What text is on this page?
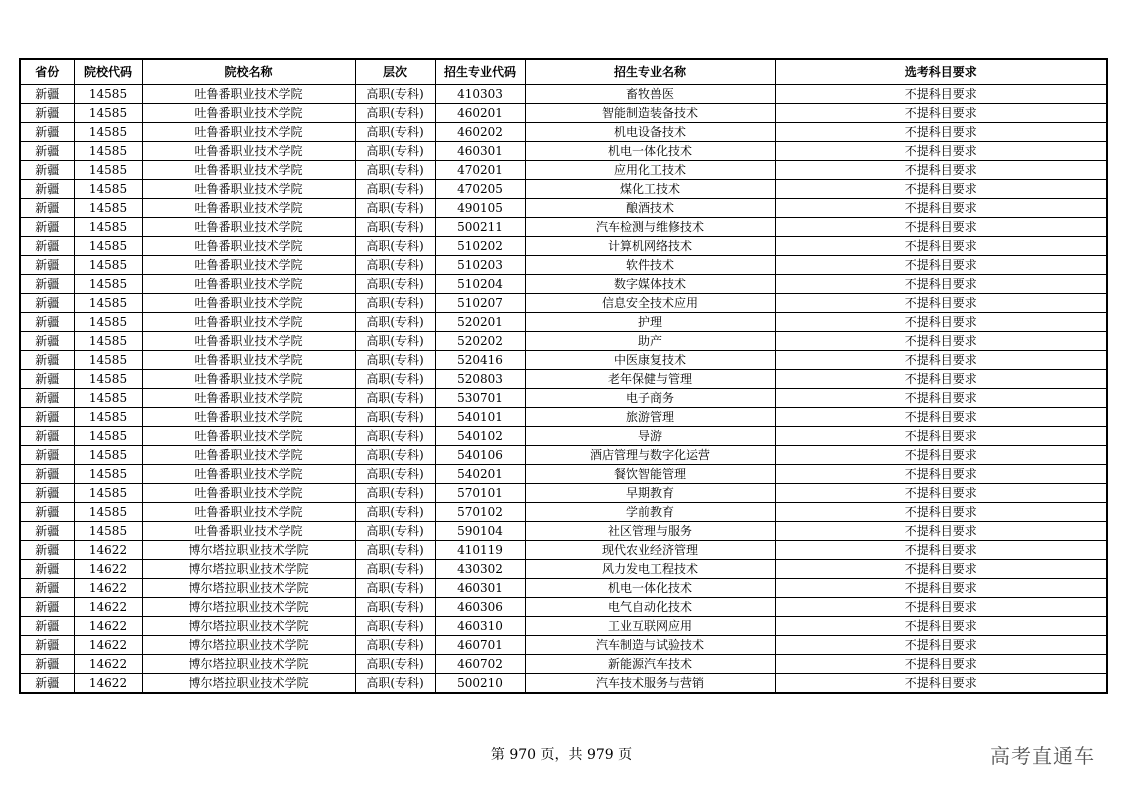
省份	院校代码	院校名称	层次	招生专业代码	招生专业名称	选考科目要求
新疆	14585	吐鲁番职业技术学院	高职(专科)	410303	畜牧兽医	不提科目要求
新疆	14585	吐鲁番职业技术学院	高职(专科)	460201	智能制造装备技术	不提科目要求
新疆	14585	吐鲁番职业技术学院	高职(专科)	460202	机电设备技术	不提科目要求
新疆	14585	吐鲁番职业技术学院	高职(专科)	460301	机电一体化技术	不提科目要求
新疆	14585	吐鲁番职业技术学院	高职(专科)	470201	应用化工技术	不提科目要求
新疆	14585	吐鲁番职业技术学院	高职(专科)	470205	煤化工技术	不提科目要求
新疆	14585	吐鲁番职业技术学院	高职(专科)	490105	酿酒技术	不提科目要求
新疆	14585	吐鲁番职业技术学院	高职(专科)	500211	汽车检测与维修技术	不提科目要求
新疆	14585	吐鲁番职业技术学院	高职(专科)	510202	计算机网络技术	不提科目要求
新疆	14585	吐鲁番职业技术学院	高职(专科)	510203	软件技术	不提科目要求
新疆	14585	吐鲁番职业技术学院	高职(专科)	510204	数字媒体技术	不提科目要求
新疆	14585	吐鲁番职业技术学院	高职(专科)	510207	信息安全技术应用	不提科目要求
新疆	14585	吐鲁番职业技术学院	高职(专科)	520201	护理	不提科目要求
新疆	14585	吐鲁番职业技术学院	高职(专科)	520202	助产	不提科目要求
新疆	14585	吐鲁番职业技术学院	高职(专科)	520416	中医康复技术	不提科目要求
新疆	14585	吐鲁番职业技术学院	高职(专科)	520803	老年保健与管理	不提科目要求
新疆	14585	吐鲁番职业技术学院	高职(专科)	530701	电子商务	不提科目要求
新疆	14585	吐鲁番职业技术学院	高职(专科)	540101	旅游管理	不提科目要求
新疆	14585	吐鲁番职业技术学院	高职(专科)	540102	导游	不提科目要求
新疆	14585	吐鲁番职业技术学院	高职(专科)	540106	酒店管理与数字化运营	不提科目要求
新疆	14585	吐鲁番职业技术学院	高职(专科)	540201	餐饮智能管理	不提科目要求
新疆	14585	吐鲁番职业技术学院	高职(专科)	570101	早期教育	不提科目要求
新疆	14585	吐鲁番职业技术学院	高职(专科)	570102	学前教育	不提科目要求
新疆	14585	吐鲁番职业技术学院	高职(专科)	590104	社区管理与服务	不提科目要求
新疆	14622	博尔塔拉职业技术学院	高职(专科)	410119	现代农业经济管理	不提科目要求
新疆	14622	博尔塔拉职业技术学院	高职(专科)	430302	风力发电工程技术	不提科目要求
新疆	14622	博尔塔拉职业技术学院	高职(专科)	460301	机电一体化技术	不提科目要求
新疆	14622	博尔塔拉职业技术学院	高职(专科)	460306	电气自动化技术	不提科目要求
新疆	14622	博尔塔拉职业技术学院	高职(专科)	460310	工业互联网应用	不提科目要求
新疆	14622	博尔塔拉职业技术学院	高职(专科)	460701	汽车制造与试验技术	不提科目要求
新疆	14622	博尔塔拉职业技术学院	高职(专科)	460702	新能源汽车技术	不提科目要求
新疆	14622	博尔塔拉职业技术学院	高职(专科)	500210	汽车技术服务与营销	不提科目要求
第 970 页，共 979 页	高考直通车
